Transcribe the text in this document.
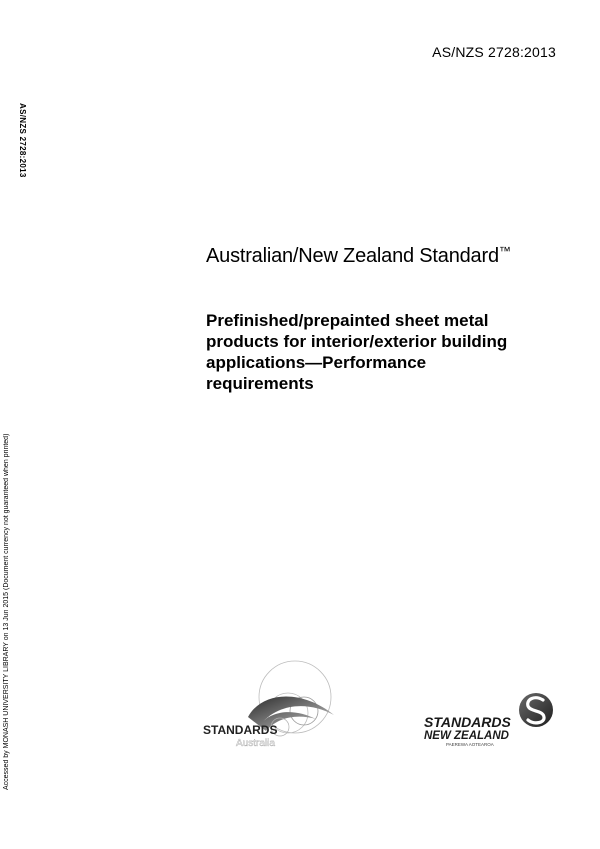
AS/NZS 2728:2013
AS/NZS 2728:2013
Accessed by MONASH UNIVERSITY LIBRARY on 13 Jun 2015 (Document currency not guaranteed when printed)
Australian/New Zealand Standard™
Prefinished/prepainted sheet metal products for interior/exterior building applications—Performance requirements
STANDARDS
Australia
STANDARDS
NEW ZEALAND
PAEREWA AOTEAROA
